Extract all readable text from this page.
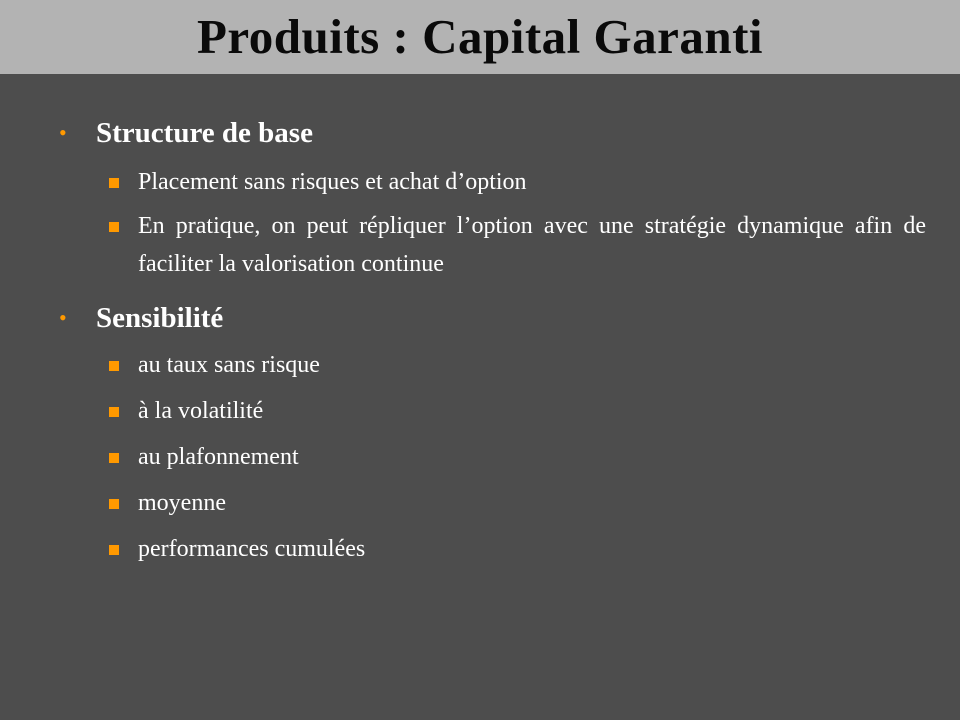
Produits : Capital Garanti
• Structure de base
Placement sans risques et achat d’option
En pratique, on peut répliquer l’option avec une stratégie dynamique afin de faciliter la valorisation continue
• Sensibilité
au taux sans risque
à la volatilité
au plafonnement
moyenne
performances cumulées
